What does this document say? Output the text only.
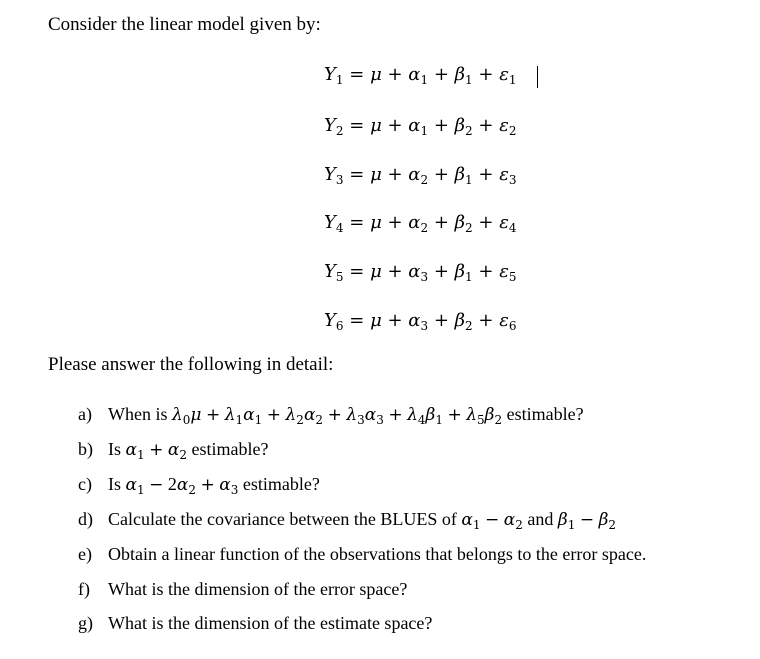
Consider the linear model given by:
$Y_1 = \mu + \alpha_1 + \beta_1 + \varepsilon_1$
$Y_2 = \mu + \alpha_1 + \beta_2 + \varepsilon_2$
$Y_3 = \mu + \alpha_2 + \beta_1 + \varepsilon_3$
$Y_4 = \mu + \alpha_2 + \beta_2 + \varepsilon_4$
$Y_5 = \mu + \alpha_3 + \beta_1 + \varepsilon_5$
$Y_6 = \mu + \alpha_3 + \beta_2 + \varepsilon_6$
Please answer the following in detail:
a) When is $\lambda_0\mu + \lambda_1\alpha_1 + \lambda_2\alpha_2 + \lambda_3\alpha_3 + \lambda_4\beta_1 + \lambda_5\beta_2$ estimable?
b) Is $\alpha_1 + \alpha_2$ estimable?
c) Is $\alpha_1 - 2\alpha_2 + \alpha_3$ estimable?
d) Calculate the covariance between the BLUES of $\alpha_1 - \alpha_2$ and $\beta_1 - \beta_2$
e) Obtain a linear function of the observations that belongs to the error space.
f) What is the dimension of the error space?
g) What is the dimension of the estimate space?
